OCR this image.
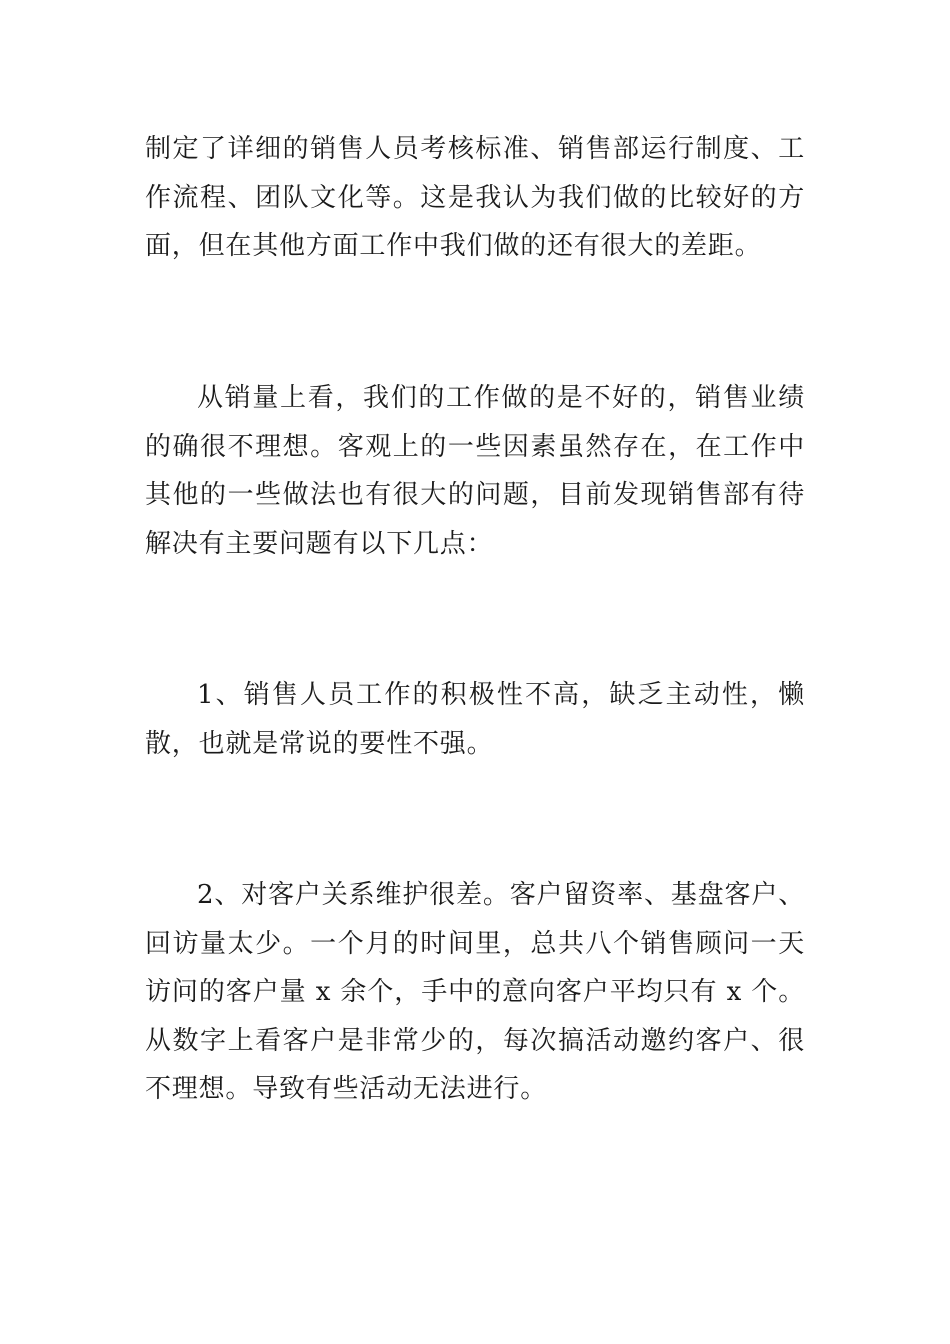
制定了详细的销售人员考核标准、销售部运行制度、工作流程、团队文化等。这是我认为我们做的比较好的方面，但在其他方面工作中我们做的还有很大的差距。

从销量上看，我们的工作做的是不好的，销售业绩的确很不理想。客观上的一些因素虽然存在，在工作中其他的一些做法也有很大的问题，目前发现销售部有待解决有主要问题有以下几点：

1、销售人员工作的积极性不高，缺乏主动性，懒散，也就是常说的要性不强。

2、对客户关系维护很差。客户留资率、基盘客户、回访量太少。一个月的时间里，总共八个销售顾问一天访问的客户量 x 余个，手中的意向客户平均只有 x 个。从数字上看客户是非常少的，每次搞活动邀约客户、很不理想。导致有些活动无法进行。
